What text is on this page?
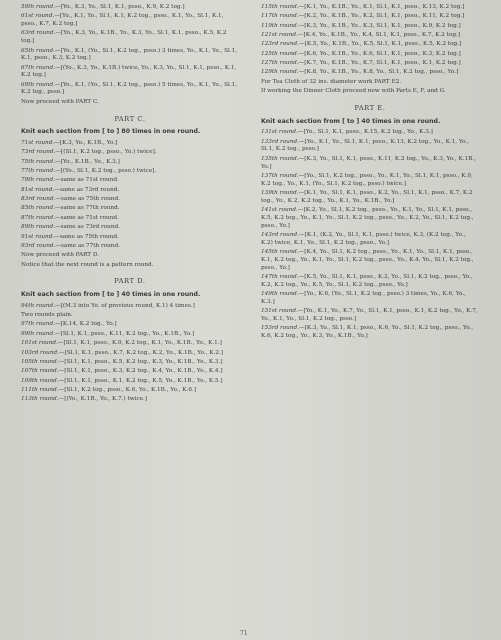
59th round.—[Yo., K.3, Yo., Sl.1, K.1, psso., K.9, K.2 tog.]
61st round.—[Yo., K.1, Yo., Sl.1, K.1, K.2 tog., psso., K.1, Yo., Sl.1, K.1, psso., K.7, K.2 tog.]
63rd round.—[Yo., K.3, Yo., K.1B., Yo., K.3, Yo., Sl.1, K.1, psso., K.5, K.2 tog.]
65th round.—[Yo., K.1, (Yo., Sl.1, K.2 tog., psso.) 3 times, Yo., K.1, Yo., Sl.1, K.1, psso., K.3, K.2 tog.]
67th round.—[(Yo., K.3, Yo., K.1B.) twice, Yo., K.3, Yo., Sl.1, K.1, psso., K.1, K.2 tog.]
69th round.—[Yo., K.1, (Yo., Sl.1, K.2 tog., psso.) 5 times, Yo., K.1, Yo., Sl.1, K.2 tog., psso.]
Now proceed with PART C.
PART C.
Knit each section from [ to ] 80 times in one round.
71st round.—[K.3, Yo., K.1B., Yo.]
73rd round.—[(Sl.1, K.2 tog., psso., Yo.) twice].
75th round.—[Yo., K.1B., Yo., K.3.]
77th round.—[(Yo., Sl.1, K.2 tog., psso.) twice].
79th round.—same as 71st round.
81st round.—same as 73rd round.
83rd round.—same as 75th round.
85th round.—same as 77th round.
87th round.—same as 71st round.
89th round.—same as 73rd round.
91st round.—same as 75th round.
93rd round.—same as 77th round.
Now proceed with PART D.
Notice that the next round is a pattern round.
PART D.
Knit each section from [ to ] 40 times in one round.
94th round.—[(M.3 into Yo. of previous round, K.1) 4 times.]
Two rounds plain.
97th round.—[K.14, K.2 tog., Yo.]
99th round.—[Sl.1, K.1, psso., K.11, K.2 tog., Yo., K.1B., Yo.]
101st round.—[Sl.1, K.1, psso., K.9, K.2 tog., K.1, Yo., K.1B., Yo., K.1.]
103rd round.—[Sl.1, K.1, psso., K.7, K.2 tog., K.2, Yo., K.1B., Yo., K.2.]
105th round.—[Sl.1, K.1, psso., K.5, K.2 tog., K.3, Yo., K.1B., Yo., K.3.]
107th round.—[Sl.1, K.1, psso., K.3, K.2 tog., K.4, Yo., K.1B., Yo., K.4.]
109th round.—[Sl.1, K.1, psso., K.1, K.2 tog., K.5, Yo., K.1B., Yo., K.5.]
111th round.—[Sl.1, K.2 tog., psso., K.6, Yo., K.1B., Yo., K.6.]
113th round.—[(Yo., K.1B., Yo., K.7.) twice.]
115th round.—[K.1, Yo., K.1B., Yo., K.1, Sl.1, K.1, psso., K.13, K.2 tog.]
117th round.—[K.2, Yo., K.1B., Yo., K.2, Sl.1, K.1, psso., K.11, K.2 tog.]
119th round.—[K.3, Yo., K.1B., Yo., K.3, Sl.1, K.1, psso., K.9, K.2 tog.]
121st round.—[K.4, Yo., K.1B., Yo., K.4, Sl.1, K.1, psso., K.7, K.2 tog.]
123rd round.—[K.5, Yo., K.1B., Yo., K.5, Sl.1, K.1, psso., K.5, K.2 tog.]
125th round.—[K.6, Yo., K.1B., Yo., K.6, Sl.1, K.1, psso., K.3, K.2 tog.]
127th round.—[K.7, Yo., K.1B., Yo., K.7, Sl.1, K.1, psso., K.1, K.2 tog.]
129th round.—[K.8, Yo., K.1B., Yo., K.8, Yo., Sl.1, K.2 tog., psso., Yo.]
For Tea Cloth of 32 ins. diameter work PART E2.
If working the Dinner Cloth proceed now with Parts E, F, and G.
PART E.
Knit each section from [ to ] 40 times in one round.
131st round.—[Yo., Sl.1, K.1, psso., K.15, K.2 tog., Yo., K.3.]
133rd round.—[Yo., K.1, Yo., Sl.1, K.1, psso., K.13, K.2 tog., Yo., K.1, Yo., Sl.1, K.2 tog., psso.]
135th round.—[K.3, Yo., Sl.1, K.1, psso., K.11, K.2 tog., Yo., K.3, Yo., K.1B., Yo.]
137th round.—[Yo., Sl.1, K.2 tog., psso., Yo., K.1, Yo., Sl.1, K.1, psso., K.9, K.2 tog., Yo., K.1, (Yo., Sl.1, K.2 tog., psso.) twice.]
139th round.—[K.1, Yo., Sl.1, K.1, psso., K.2, Yo., Sl.1, K.1, psso., K.7, K.2 tog., Yo., K.2, K.2 tog., Yo., K.1, Yo., K.1B., Yo.]
141st round.—[K.2, Yo., Sl.1, K.2 tog., psso., Yo., K.1, Yo., Sl.1, K.1, psso., K.5, K.2 tog., Yo., K.1, Yo., Sl.1, K.2 tog., psso., Yo., K.2, Yo., Sl.1, K.2 tog., psso., Yo.]
143rd round.—[K.1, (K.2, Yo., Sl.1, K.1, psso.) twice, K.3, (K.2 tog., Yo., K.2) twice, K.1, Yo., Sl.1, K.2 tog., psso., Yo.]
145th round.—[K.4, Yo., Sl.1, K.2 tog., psso., Yo., K.1, Yo., Sl.1, K.1, psso., K.1, K.2 tog., Yo., K.1, Yo., Sl.1, K.2 tog., psso., Yo., K.4, Yo., Sl.1, K.2 tog., psso., Yo.]
147th round.—[K.5, Yo., Sl.1, K.1, psso., K.2, Yo., Sl.1, K.2 tog., psso., Yo., K.2, K.2 tog., Yo., K.5, Yo., Sl.1, K.2 tog., psso., Yo.]
149th round.—[Yo., K.6, (Yo., Sl.1, K.2 tog., psso.) 3 times, Yo., K.6, Yo., K.3.]
151st round.—[Yo., K.1, Yo., K.7, Yo., Sl.1, K.1, psso., K.1, K.2 tog., Yo., K.7, Yo., K.1, Yo., Sl.1, K.2 tog., psso.]
153rd round.—[K.3, Yo., Sl.1, K.1, psso., K.6, Yo., Sl.1, K.2 tog., psso., Yo., K.6, K.2 tog., Yo., K.3, Yo., K.1B., Yo.]
71
